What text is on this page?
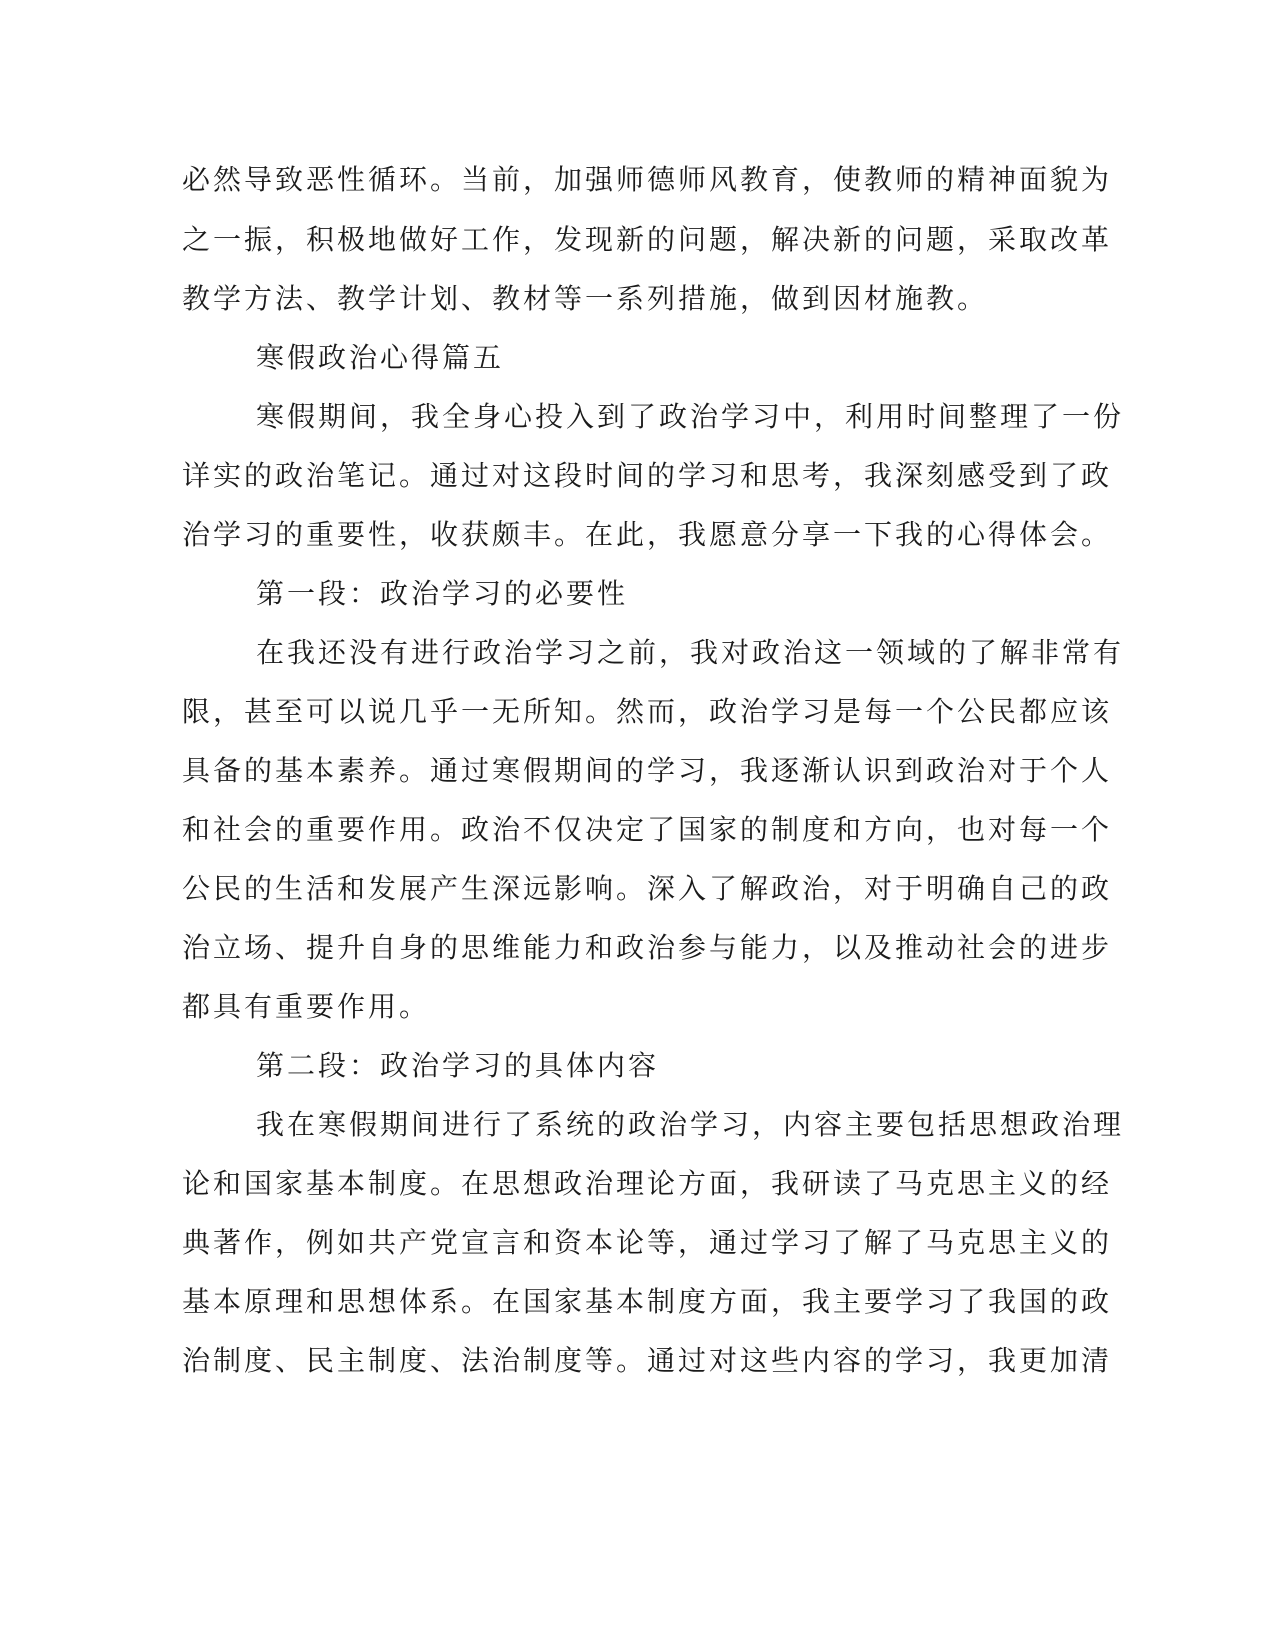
必然导致恶性循环。当前，加强师德师风教育，使教师的精神面貌为
之一振，积极地做好工作，发现新的问题，解决新的问题，采取改革
教学方法、教学计划、教材等一系列措施，做到因材施教。
寒假政治心得篇五
寒假期间，我全身心投入到了政治学习中，利用时间整理了一份
详实的政治笔记。通过对这段时间的学习和思考，我深刻感受到了政
治学习的重要性，收获颇丰。在此，我愿意分享一下我的心得体会。
第一段：政治学习的必要性
在我还没有进行政治学习之前，我对政治这一领域的了解非常有
限，甚至可以说几乎一无所知。然而，政治学习是每一个公民都应该
具备的基本素养。通过寒假期间的学习，我逐渐认识到政治对于个人
和社会的重要作用。政治不仅决定了国家的制度和方向，也对每一个
公民的生活和发展产生深远影响。深入了解政治，对于明确自己的政
治立场、提升自身的思维能力和政治参与能力，以及推动社会的进步
都具有重要作用。
第二段：政治学习的具体内容
我在寒假期间进行了系统的政治学习，内容主要包括思想政治理
论和国家基本制度。在思想政治理论方面，我研读了马克思主义的经
典著作，例如共产党宣言和资本论等，通过学习了解了马克思主义的
基本原理和思想体系。在国家基本制度方面，我主要学习了我国的政
治制度、民主制度、法治制度等。通过对这些内容的学习，我更加清
